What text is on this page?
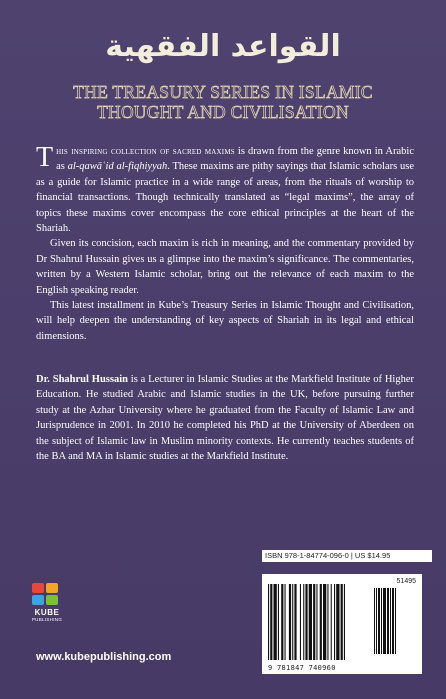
القواعد الفقهية
THE TREASURY SERIES IN ISLAMIC THOUGHT AND CIVILISATION

This inspiring collection of sacred maxims is drawn from the genre known in Arabic as al-qawāʿid al-fiqhiyyah. These maxims are pithy sayings that Islamic scholars use as a guide for Islamic practice in a wide range of areas, from the rituals of worship to financial transactions. Though technically translated as “legal maxims”, the array of topics these maxims cover encompass the core ethical principles at the heart of the Shariah.

Given its concision, each maxim is rich in meaning, and the commentary provided by Dr Shahrul Hussain gives us a glimpse into the maxim’s significance. The commentaries, written by a Western Islamic scholar, bring out the relevance of each maxim to the English speaking reader.

This latest installment in Kube’s Treasury Series in Islamic Thought and Civilisation, will help deepen the understanding of key aspects of Shariah in its legal and ethical dimensions.

Dr. Shahrul Hussain is a Lecturer in Islamic Studies at the Markfield Institute of Higher Education. He studied Arabic and Islamic studies in the UK, before pursuing further study at the Azhar University where he graduated from the Faculty of Islamic Law and Jurisprudence in 2001. In 2010 he completed his PhD at the University of Aberdeen on the subject of Islamic law in Muslim minority contexts. He currently teaches students of the BA and MA in Islamic studies at the Markfield Institute.

ISBN 978-1-84774-096-0 | US $14.95
51495
9 781847 740960
KUBE
PUBLISHING
www.kubepublishing.com
